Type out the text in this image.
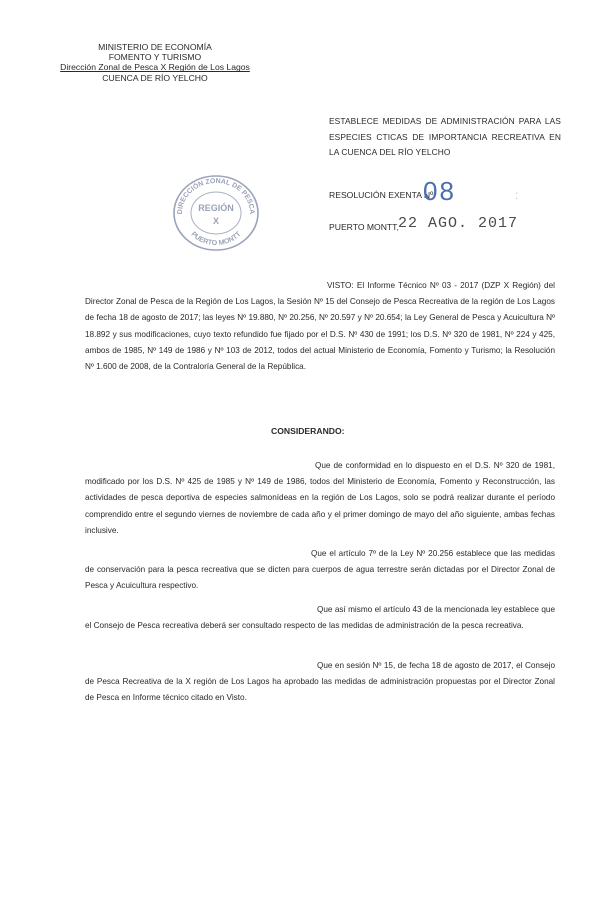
MINISTERIO DE ECONOMÍA
FOMENTO Y TURISMO
Dirección Zonal de Pesca X Región de Los Lagos
CUENCA DE RÍO YELCHO
ESTABLECE MEDIDAS DE ADMINISTRACIÓN PARA LAS ESPECIES CTICAS DE IMPORTANCIA RECREATIVA EN LA CUENCA DEL RÍO YELCHO
RESOLUCIÓN EXENTA Nº
08	:
PUERTO MONTT, 22 AGO. 2017
DIRECCIÓN ZONAL DE PESCA
PUERTO MONTT
REGIÓN
X
VISTO: El Informe Técnico Nº 03 - 2017 (DZP X Región) del Director Zonal de Pesca de la Región de Los Lagos, la Sesión Nº 15 del Consejo de Pesca Recreativa de la región de Los Lagos de fecha 18 de agosto de 2017; las leyes Nº 19.880, Nº 20.256, Nº 20.597 y Nº 20.654; la Ley General de Pesca y Acuicultura Nº 18.892 y sus modificaciones, cuyo texto refundido fue fijado por el D.S. Nº 430 de 1991; los D.S. Nº 320 de 1981, Nº 224 y 425, ambos de 1985, Nº 149 de 1986 y Nº 103 de 2012, todos del actual Ministerio de Economía, Fomento y Turismo; la Resolución Nº 1.600 de 2008, de la Contraloría General de la República.
CONSIDERANDO:
Que de conformidad en lo dispuesto en el D.S. Nº 320 de 1981, modificado por los D.S. Nº 425 de 1985 y Nº 149 de 1986, todos del Ministerio de Economía, Fomento y Reconstrucción, las actividades de pesca deportiva de especies salmonídeas en la región de Los Lagos, solo se podrá realizar durante el período comprendido entre el segundo viernes de noviembre de cada año y el primer domingo de mayo del año siguiente, ambas fechas inclusive.
Que el artículo 7º de la Ley Nº 20.256 establece que las medidas de conservación para la pesca recreativa que se dicten para cuerpos de agua terrestre serán dictadas por el Director Zonal de Pesca y Acuicultura respectivo.
Que así mismo el artículo 43 de la mencionada ley establece que el Consejo de Pesca recreativa deberá ser consultado respecto de las medidas de administración de la pesca recreativa.
Que en sesión Nº 15, de fecha 18 de agosto de 2017, el Consejo de Pesca Recreativa de la X región de Los Lagos ha aprobado las medidas de administración propuestas por el Director Zonal de Pesca en Informe técnico citado en Visto.
